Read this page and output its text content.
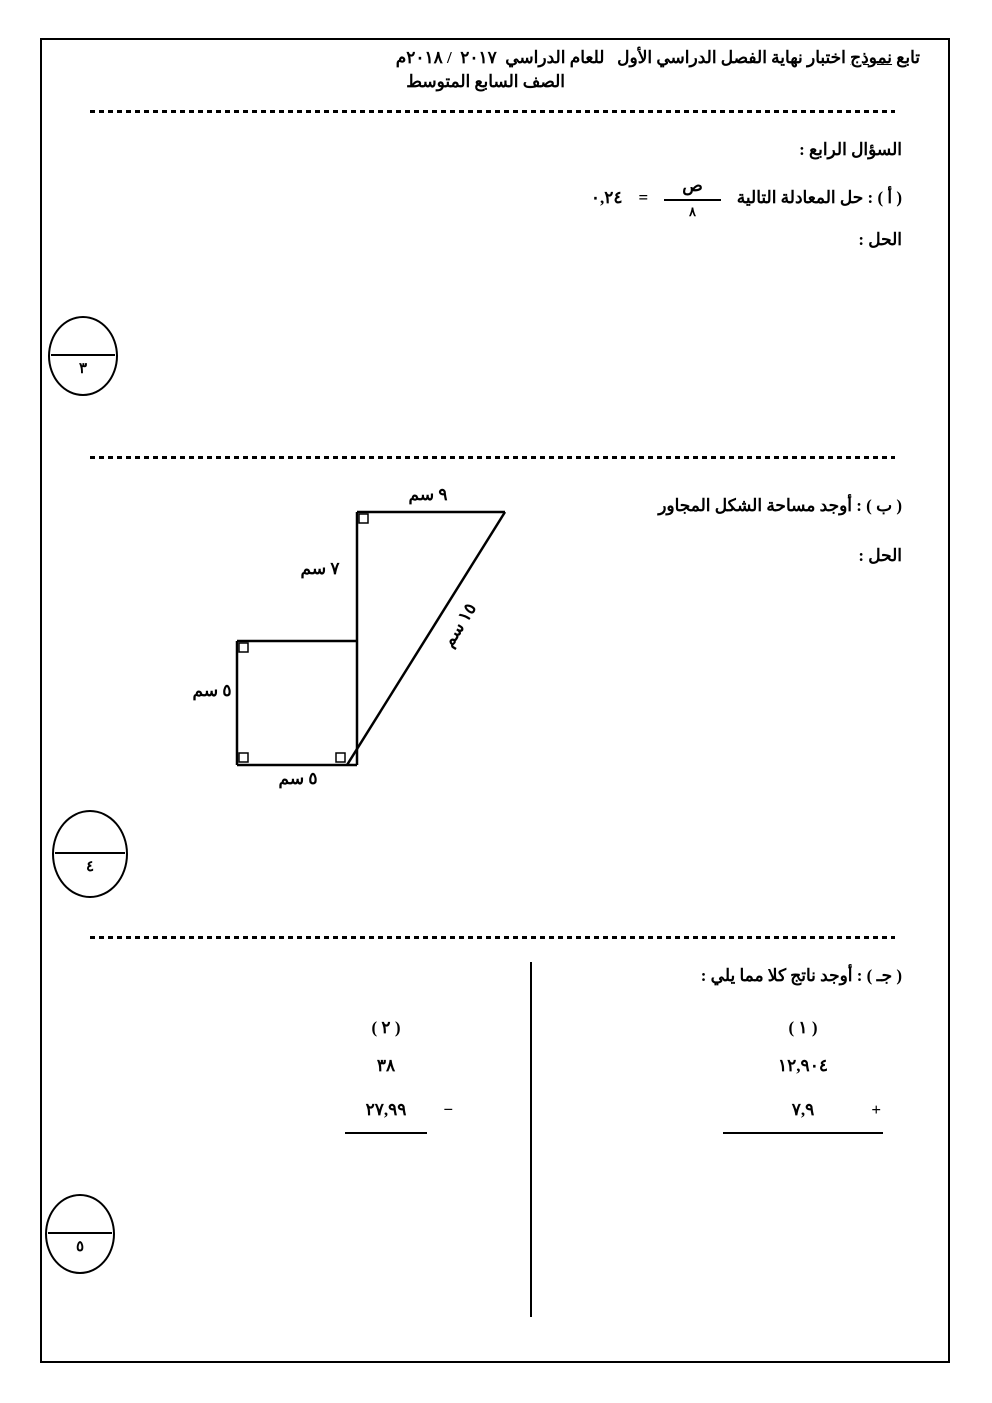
تابع نموذج اختبار نهاية الفصل الدراسي الأول   للعام الدراسي  ٢٠١٧  / ٢٠١٨م
الصف السابع المتوسط
السؤال الرابع :
( أ ) : حل المعادلة التالية
$\frac{\text{ص}}{٨}$
=
٠,٢٤
الحل :
٣
( ب ) : أوجد مساحة الشكل المجاور
الحل :
٩ سم
٧ سم
١٥ سم
٥ سم
٥ سم
٤
( جـ ) : أوجد ناتج كلا مما يلي :
( ١ )
١٢,٩٠٤
+
٧,٩
( ٢ )
٣٨
−
٢٧,٩٩
٥
